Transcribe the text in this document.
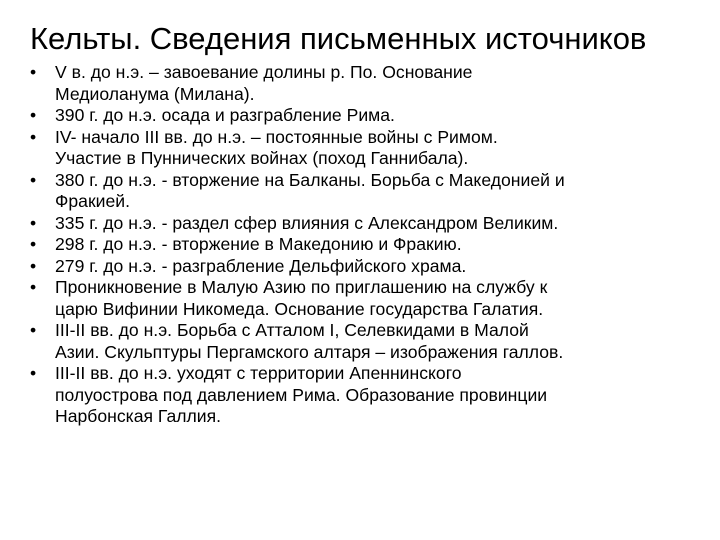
Кельты. Сведения письменных источников
•	V в. до н.э. – завоевание долины р. По. Основание
Медиоланума (Милана).
•	390 г. до н.э. осада и разграбление Рима.
•	IV- начало III вв. до н.э. – постоянные войны с Римом.
Участие в Пуннических войнах (поход Ганнибала).
•	380 г. до н.э. - вторжение на Балканы. Борьба с Македонией и
Фракией.
•	335 г. до н.э. - раздел сфер влияния с Александром Великим.
•	298 г. до н.э. - вторжение в Македонию и Фракию.
•	279 г. до н.э. - разграбление Дельфийского храма.
•	Проникновение в Малую Азию по приглашению на службу к
царю Вифинии Никомеда. Основание государства Галатия.
•	III-II вв. до н.э. Борьба с Атталом I, Селевкидами в Малой
Азии. Скульптуры Пергамского алтаря – изображения галлов.
•	III-II вв. до н.э. уходят с территории Апеннинского
полуострова под давлением Рима. Образование провинции
Нарбонская Галлия.
